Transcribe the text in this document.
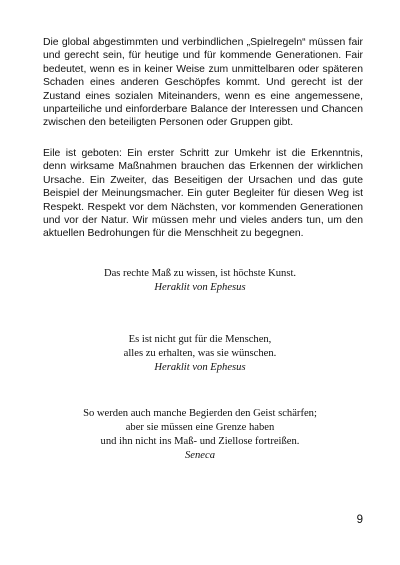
Die global abgestimmten und verbindlichen „Spielregeln“ müssen fair und gerecht sein, für heutige und für kommende Generationen. Fair bedeutet, wenn es in keiner Weise zum unmittelbaren oder späteren Schaden eines anderen Geschöpfes kommt. Und gerecht ist der Zustand eines sozialen Miteinanders, wenn es eine angemessene, unparteiliche und einforderbare Balance der Interessen und Chancen zwischen den beteiligten Personen oder Gruppen gibt.

Eile ist geboten: Ein erster Schritt zur Umkehr ist die Erkenntnis, denn wirksame Maßnahmen brauchen das Erkennen der wirklichen Ursache. Ein Zweiter, das Beseitigen der Ursachen und das gute Beispiel der Meinungsmacher. Ein guter Begleiter für diesen Weg ist Respekt. Respekt vor dem Nächsten, vor kommenden Generationen und vor der Natur. Wir müssen mehr und vieles anders tun, um den aktuellen Bedrohungen für die Menschheit zu begegnen.

Das rechte Maß zu wissen, ist höchste Kunst.
Heraklit von Ephesus
Es ist nicht gut für die Menschen,
alles zu erhalten, was sie wünschen.
Heraklit von Ephesus
So werden auch manche Begierden den Geist schärfen;
aber sie müssen eine Grenze haben
und ihn nicht ins Maß- und Ziellose fortreißen.
Seneca
9
